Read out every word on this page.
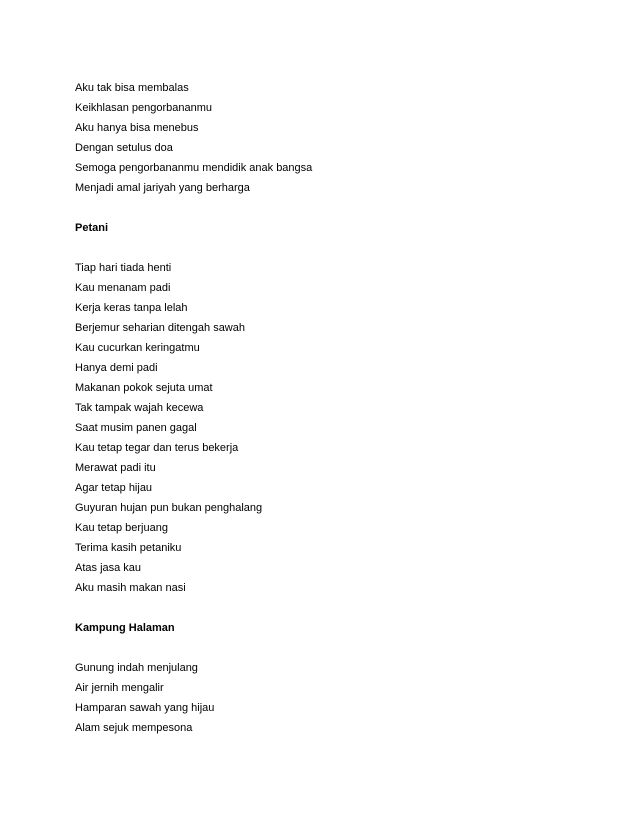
Aku tak bisa membalas
Keikhlasan pengorbananmu
Aku hanya bisa menebus
Dengan setulus doa
Semoga pengorbananmu mendidik anak bangsa
Menjadi amal jariyah yang berharga
Petani
Tiap hari tiada henti
Kau menanam padi
Kerja keras tanpa lelah
Berjemur seharian ditengah sawah
Kau cucurkan keringatmu
Hanya demi padi
Makanan pokok sejuta umat
Tak tampak wajah kecewa
Saat musim panen gagal
Kau tetap tegar dan terus bekerja
Merawat padi itu
Agar tetap hijau
Guyuran hujan pun bukan penghalang
Kau tetap berjuang
Terima kasih petaniku
Atas jasa kau
Aku masih makan nasi
Kampung Halaman
Gunung indah menjulang
Air jernih mengalir
Hamparan sawah yang hijau
Alam sejuk mempesona
